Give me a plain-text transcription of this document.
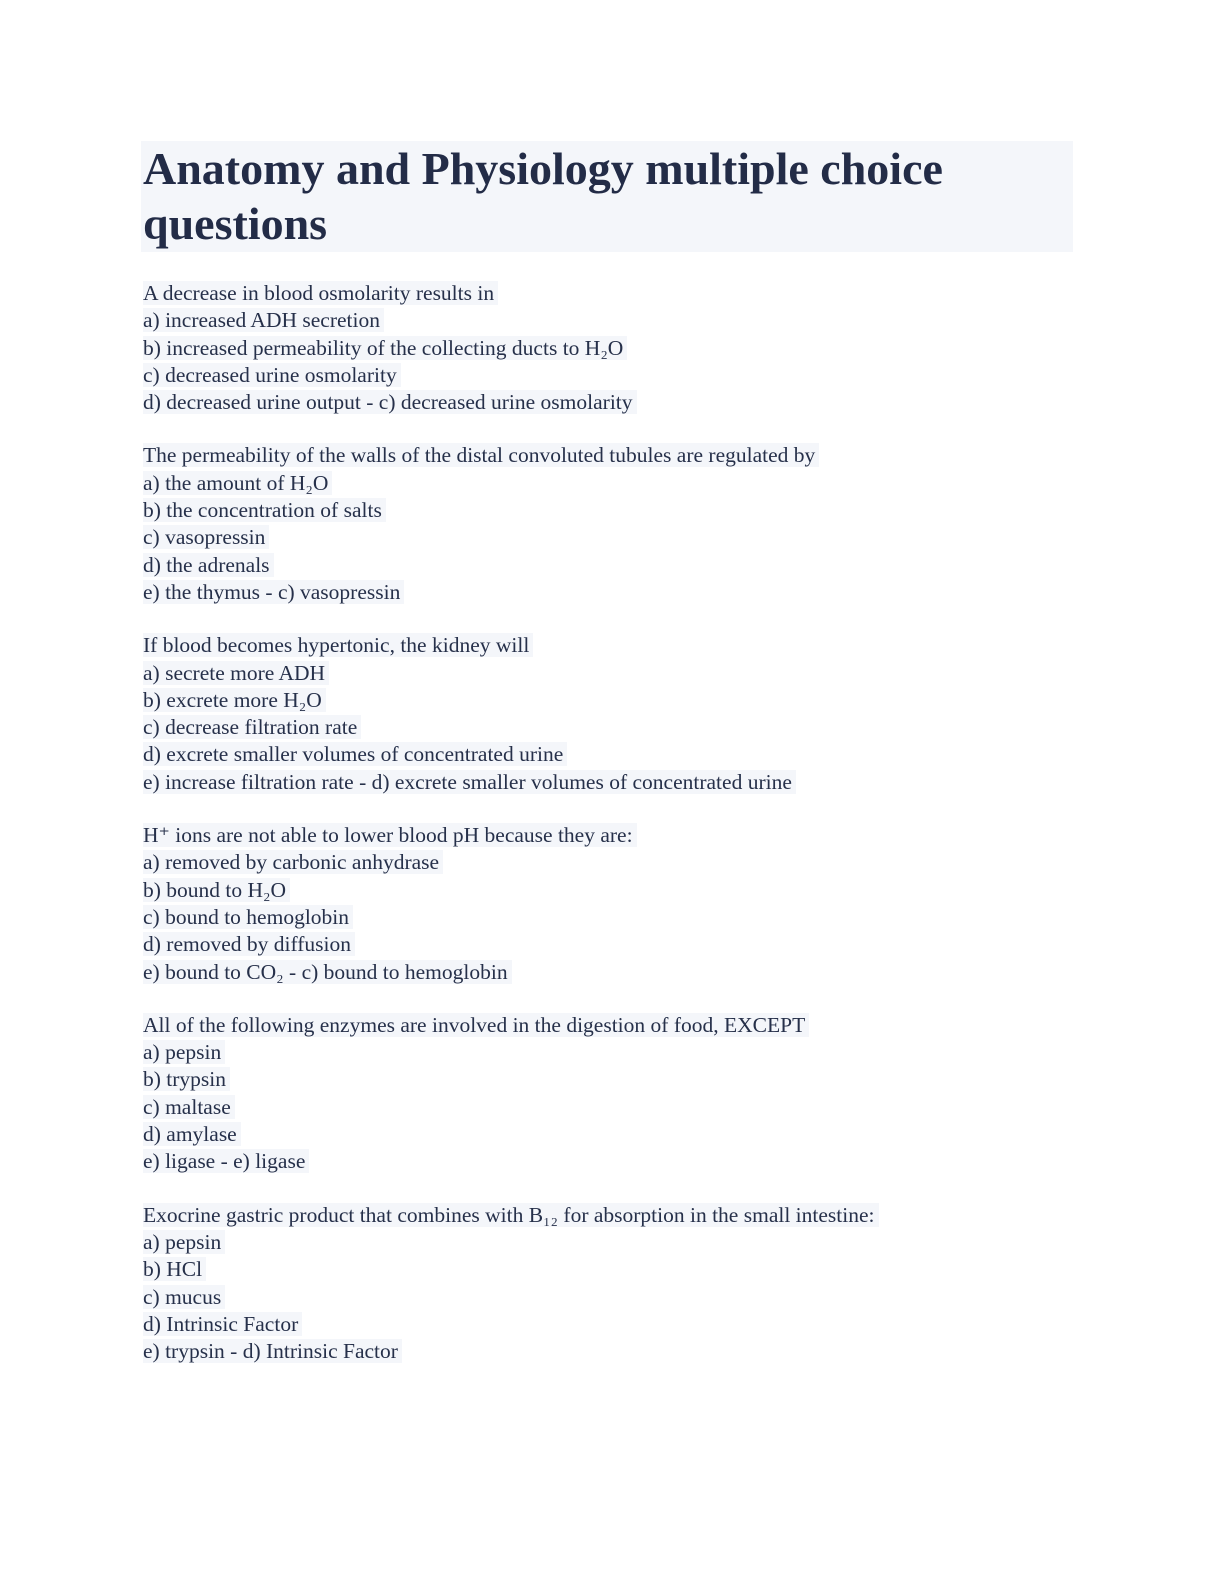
Anatomy and Physiology multiple choice questions
A decrease in blood osmolarity results in
a) increased ADH secretion
b) increased permeability of the collecting ducts to H₂O
c) decreased urine osmolarity
d) decreased urine output - c) decreased urine osmolarity
The permeability of the walls of the distal convoluted tubules are regulated by
a) the amount of H₂O
b) the concentration of salts
c) vasopressin
d) the adrenals
e) the thymus - c) vasopressin
If blood becomes hypertonic, the kidney will
a) secrete more ADH
b) excrete more H₂O
c) decrease filtration rate
d) excrete smaller volumes of concentrated urine
e) increase filtration rate - d) excrete smaller volumes of concentrated urine
H⁺ ions are not able to lower blood pH because they are:
a) removed by carbonic anhydrase
b) bound to H₂O
c) bound to hemoglobin
d) removed by diffusion
e) bound to CO₂ - c) bound to hemoglobin
All of the following enzymes are involved in the digestion of food, EXCEPT
a) pepsin
b) trypsin
c) maltase
d) amylase
e) ligase - e) ligase
Exocrine gastric product that combines with B₁₂ for absorption in the small intestine:
a) pepsin
b) HCl
c) mucus
d) Intrinsic Factor
e) trypsin - d) Intrinsic Factor
